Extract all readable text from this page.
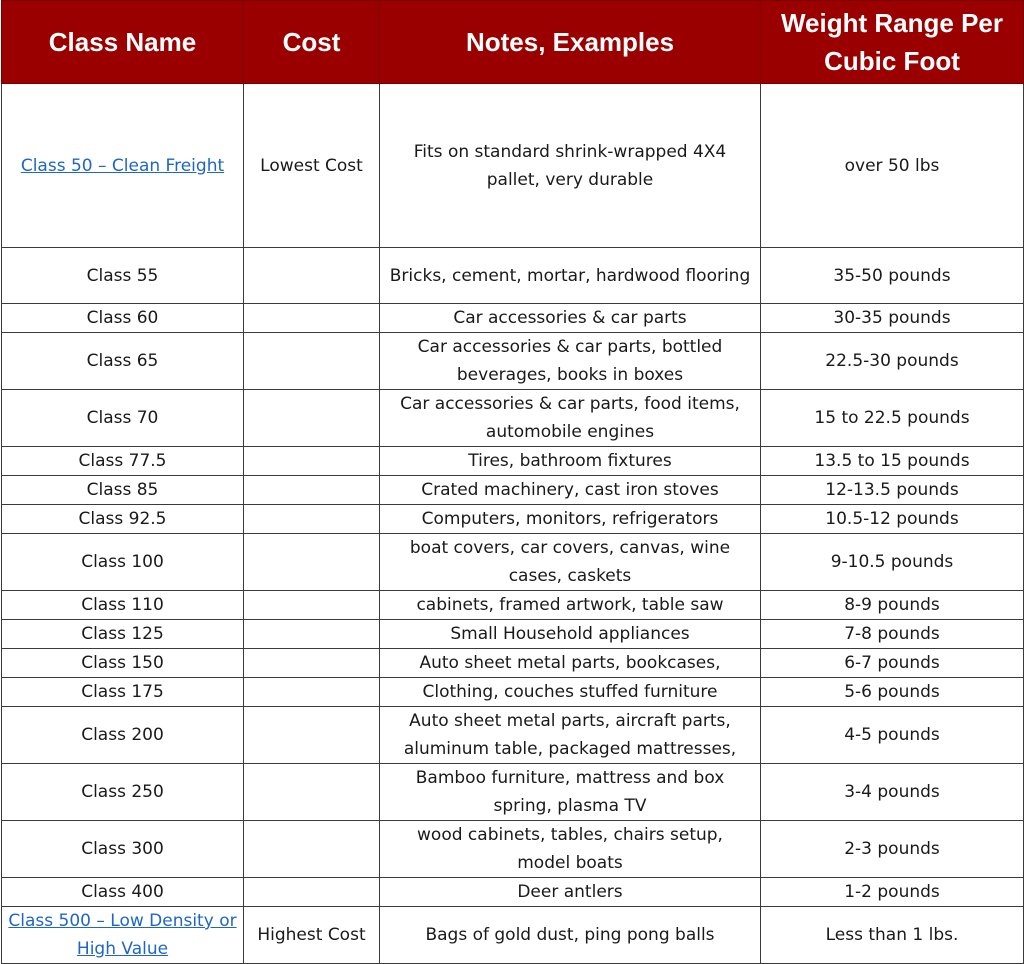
Class Name	Cost	Notes, Examples	Weight Range Per Cubic Foot
Class 50 – Clean Freight	Lowest Cost	Fits on standard shrink-wrapped 4X4 pallet, very durable	over 50 lbs
Class 55		Bricks, cement, mortar, hardwood flooring	35-50 pounds
Class 60		Car accessories & car parts	30-35 pounds
Class 65		Car accessories & car parts, bottled beverages, books in boxes	22.5-30 pounds
Class 70		Car accessories & car parts, food items, automobile engines	15 to 22.5 pounds
Class 77.5		Tires, bathroom fixtures	13.5 to 15 pounds
Class 85		Crated machinery, cast iron stoves	12-13.5 pounds
Class 92.5		Computers, monitors, refrigerators	10.5-12 pounds
Class 100		boat covers, car covers, canvas, wine cases, caskets	9-10.5 pounds
Class 110		cabinets, framed artwork, table saw	8-9 pounds
Class 125		Small Household appliances	7-8 pounds
Class 150		Auto sheet metal parts, bookcases,	6-7 pounds
Class 175		Clothing, couches stuffed furniture	5-6 pounds
Class 200		Auto sheet metal parts, aircraft parts, aluminum table, packaged mattresses,	4-5 pounds
Class 250		Bamboo furniture, mattress and box spring, plasma TV	3-4 pounds
Class 300		wood cabinets, tables, chairs setup, model boats	2-3 pounds
Class 400		Deer antlers	1-2 pounds
Class 500 – Low Density or High Value	Highest Cost	Bags of gold dust, ping pong balls	Less than 1 lbs.
